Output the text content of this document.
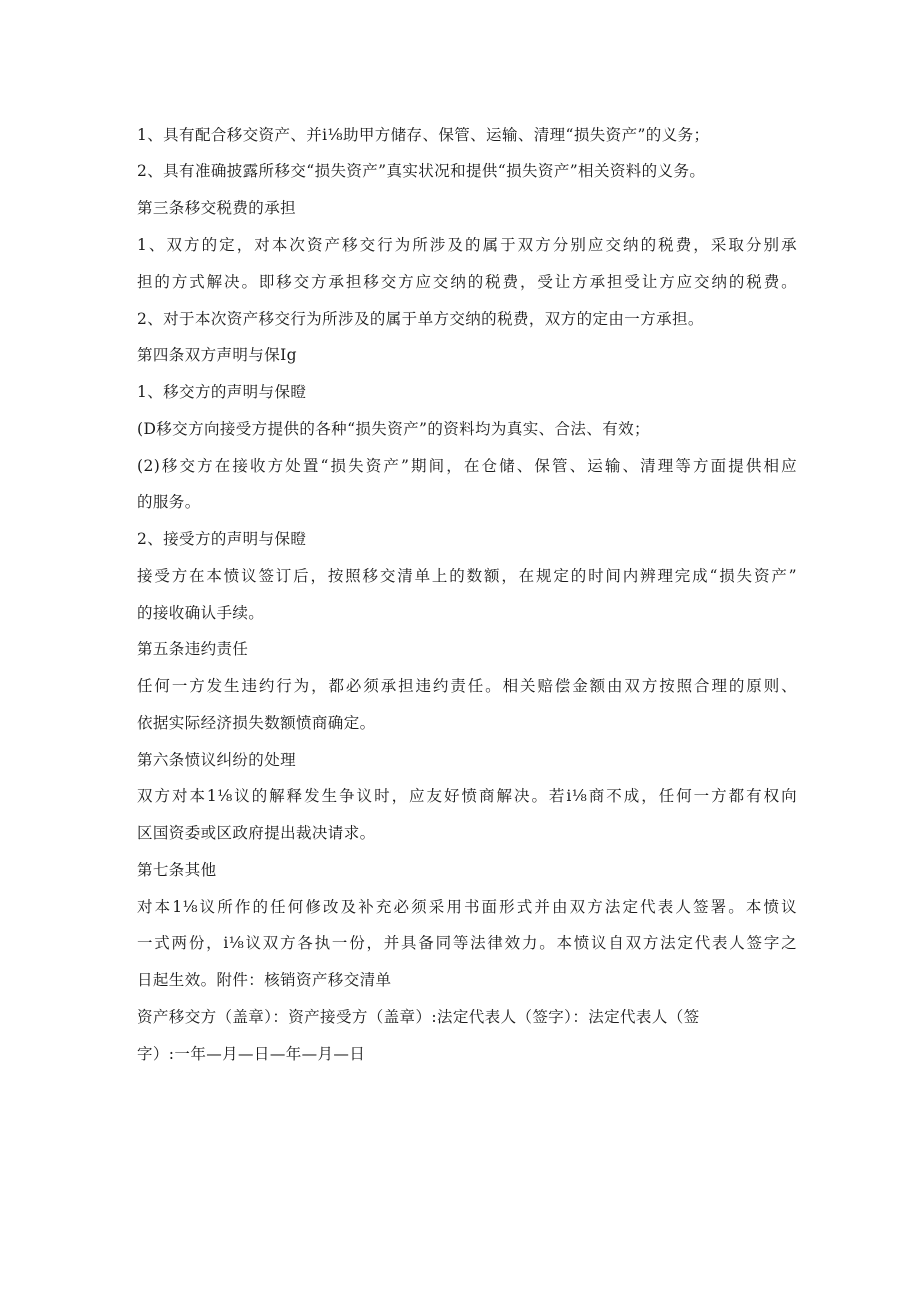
1、具有配合移交资产、并i⅛助甲方储存、保管、运输、清理“损失资产”的义务；
2、具有准确披露所移交“损失资产”真实状况和提供“损失资产”相关资料的义务。
第三条移交税费的承担
1、双方的定，对本次资产移交行为所涉及的属于双方分别应交纳的税费，采取分别承
担的方式解决。即移交方承担移交方应交纳的税费，受让方承担受让方应交纳的税费。
2、对于本次资产移交行为所涉及的属于单方交纳的税费，双方的定由一方承担。
第四条双方声明与保Ig
1、移交方的声明与保瞪
(D移交方向接受方提供的各种“损失资产”的资料均为真实、合法、有效；
(2)移交方在接收方处置“损失资产”期间，在仓储、保管、运输、清理等方面提供相应
的服务。
2、接受方的声明与保瞪
接受方在本愤议签订后，按照移交清单上的数额，在规定的时间内辨理完成“损失资产”
的接收确认手续。
第五条违约责任
任何一方发生违约行为，都必须承担违约责任。相关赔偿金额由双方按照合理的原则、
依据实际经济损失数额愤商确定。
第六条愤议纠纷的处理
双方对本1⅛议的解释发生争议时，应友好愤商解决。若i⅛商不成，任何一方都有权向
区国资委或区政府提出裁决请求。
第七条其他
对本1⅛议所作的任何修改及补充必须采用书面形式并由双方法定代表人签署。本愤议
一式两份，i⅛议双方各执一份，并具备同等法律效力。本愤议自双方法定代表人签字之
日起生效。附件：核销资产移交清单
资产移交方（盖章）：资产接受方（盖章）:法定代表人（签字）：法定代表人（签
字）:一年—月—日—年—月—日
